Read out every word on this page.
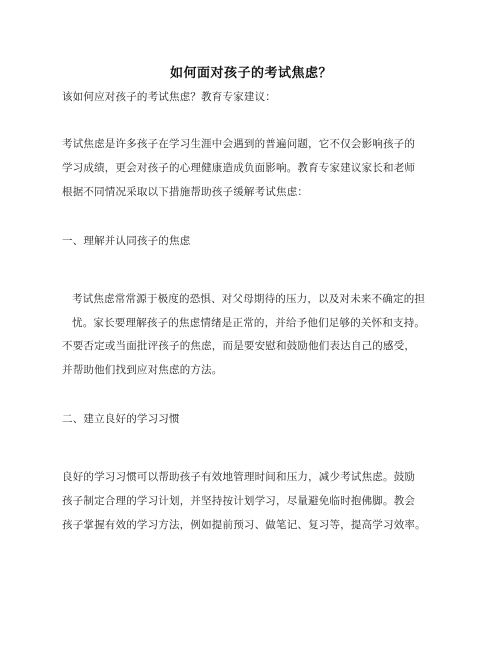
如何面对孩子的考试焦虑？
该如何应对孩子的考试焦虑？教育专家建议：
考试焦虑是许多孩子在学习生涯中会遇到的普遍问题，它不仅会影响孩子的
学习成绩，更会对孩子的心理健康造成负面影响。教育专家建议家长和老师
根据不同情况采取以下措施帮助孩子缓解考试焦虑：
一、理解并认同孩子的焦虑
考试焦虑常常源于极度的恐惧、对父母期待的压力，以及对未来不确定的担
忧。家长要理解孩子的焦虑情绪是正常的，并给予他们足够的关怀和支持。
不要否定或当面批评孩子的焦虑，而是要安慰和鼓励他们表达自己的感受，
并帮助他们找到应对焦虑的方法。
二、建立良好的学习习惯
良好的学习习惯可以帮助孩子有效地管理时间和压力，减少考试焦虑。鼓励
孩子制定合理的学习计划，并坚持按计划学习，尽量避免临时抱佛脚。教会
孩子掌握有效的学习方法，例如提前预习、做笔记、复习等，提高学习效率。
